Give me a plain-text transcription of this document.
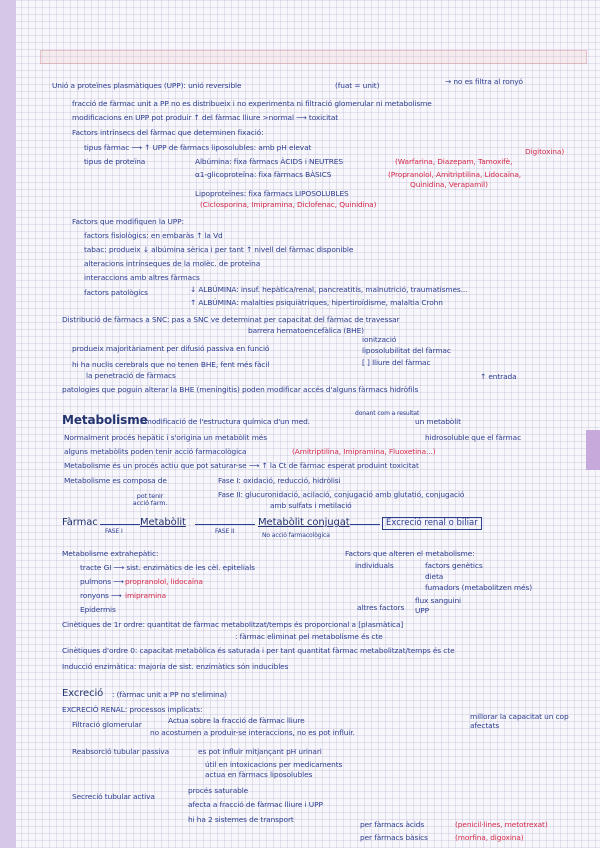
Unió a proteïnes plasmàtiques (UPP): unió reversible	(fuat = unit)	→ no es filtra al ronyó
fracció de fàrmac unit a PP no es distribueix i no experimenta ni filtració glomerular ni metabolisme
modificacions en UPP pot produir ↑ del fàrmac lliure >normal ⟶ toxicitat
Factors intrínsecs del fàrmac que determinen fixació:
tipus fàrmac ⟶ ↑ UPP de fàrmacs liposolubles: amb pH elevat
tipus de proteïna	Albúmina: fixa fàrmacs ÀCIDS i NEUTRES	(Warfarina, Diazepam, Tamoxifè,
Digitoxina)
α1-glicoproteïna: fixa fàrmacs BÀSICS	(Propranolol, Amitriptilina, Lidocaïna,
Quinidina, Verapamil)
Lipoproteïnes: fixa fàrmacs LIPOSOLUBLES
(Ciclosporina, Imipramina, Diclofenac, Quinidina)
Factors que modifiquen la UPP:
factors fisiològics: en embaràs ↑ la Vd
tabac: produeix ↓ albúmina sèrica i per tant ↑ nivell del fàrmac disponible
alteracions intrínseques de la molèc. de proteïna
interaccions amb altres fàrmacs
factors patològics	↓ ALBÚMINA: insuf. hepàtica/renal, pancreatitis, malnutrició, traumatismes...
↑ ALBÚMINA: malalties psiquiàtriques, hipertiroïdisme, malaltia Crohn
Distribució de fàrmacs a SNC: pas a SNC ve determinat per capacitat del fàrmac de travessar
barrera hematoencefàlica (BHE)
produeix majoritàriament per difusió passiva en funció
ionització
liposolubilitat del fàrmac
hi ha nuclis cerebrals que no tenen BHE, fent més fàcil	[ ] lliure del fàrmac
la penetració de fàrmacs	↑ entrada
patologies que poguin alterar la BHE (meningitis) poden modificar accés d'alguns fàrmacs hidròfils
Metabolisme
: modificació de l'estructura química d'un med.
donant com a resultat
un metabòlit
Normalment procés hepàtic i s'origina un metabòlit més	hidrosoluble que el fàrmac
alguns metabòlits poden tenir acció farmacològica	(Amitriptilina, Imipramina, Fluoxetina...)
Metabolisme és un procés actiu que pot saturar-se ⟶ ↑ la Ct de fàrmac esperat produint toxicitat
Metabolisme es composa de	Fase I: oxidació, reducció, hidròlisi
Fase II: glucuronidació, acilació, conjugació amb glutatió, conjugació
amb sulfats i metilació
pot tenir acció farm.
Fàrmac
FASE I
Metabòlit
FASE II
Metabòlit conjugat
No acció farmacològica
Excreció renal o biliar
Metabolisme extrahepàtic:
tracte GI ⟶ sist. enzimàtics de les cèl. epitelials
pulmons ⟶ propranolol, lidocaïna
ronyons ⟶ imipramina
Epidermis
Factors que alteren el metabolisme:
individuals	factors genètics
dieta
fumadors (metabolitzen més)
altres factors
flux sanguini
UPP
Cinètiques de 1r ordre: quantitat de fàrmac metabolitzat/temps és proporcional a [plasmàtica]
: fàrmac eliminat pel metabolisme és cte
Cinètiques d'ordre 0: capacitat metabòlica és saturada i per tant quantitat fàrmac metabolitzat/temps és cte
Inducció enzimàtica: majoria de sist. enzimàtics són inducibles
Excreció : (fàrmac unit a PP no s'elimina)
EXCRECIÓ RENAL: processos implicats:
millorar la capacitat un cop afectats
Filtració glomerular	Actua sobre la fracció de fàrmac lliure
no acostumen a produir-se interaccions, no es pot influir.
Reabsorció tubular passiva	es pot influir mitjançant pH urinari
útil en intoxicacions per medicaments
actua en fàrmacs liposolubles
Secreció tubular activa
procés saturable
afecta a fracció de fàrmac lliure i UPP
hi ha 2 sistemes de transport
per fàrmacs àcids	(penicil·lines, metotrexat)
per fàrmacs bàsics	(morfina, digoxina)
